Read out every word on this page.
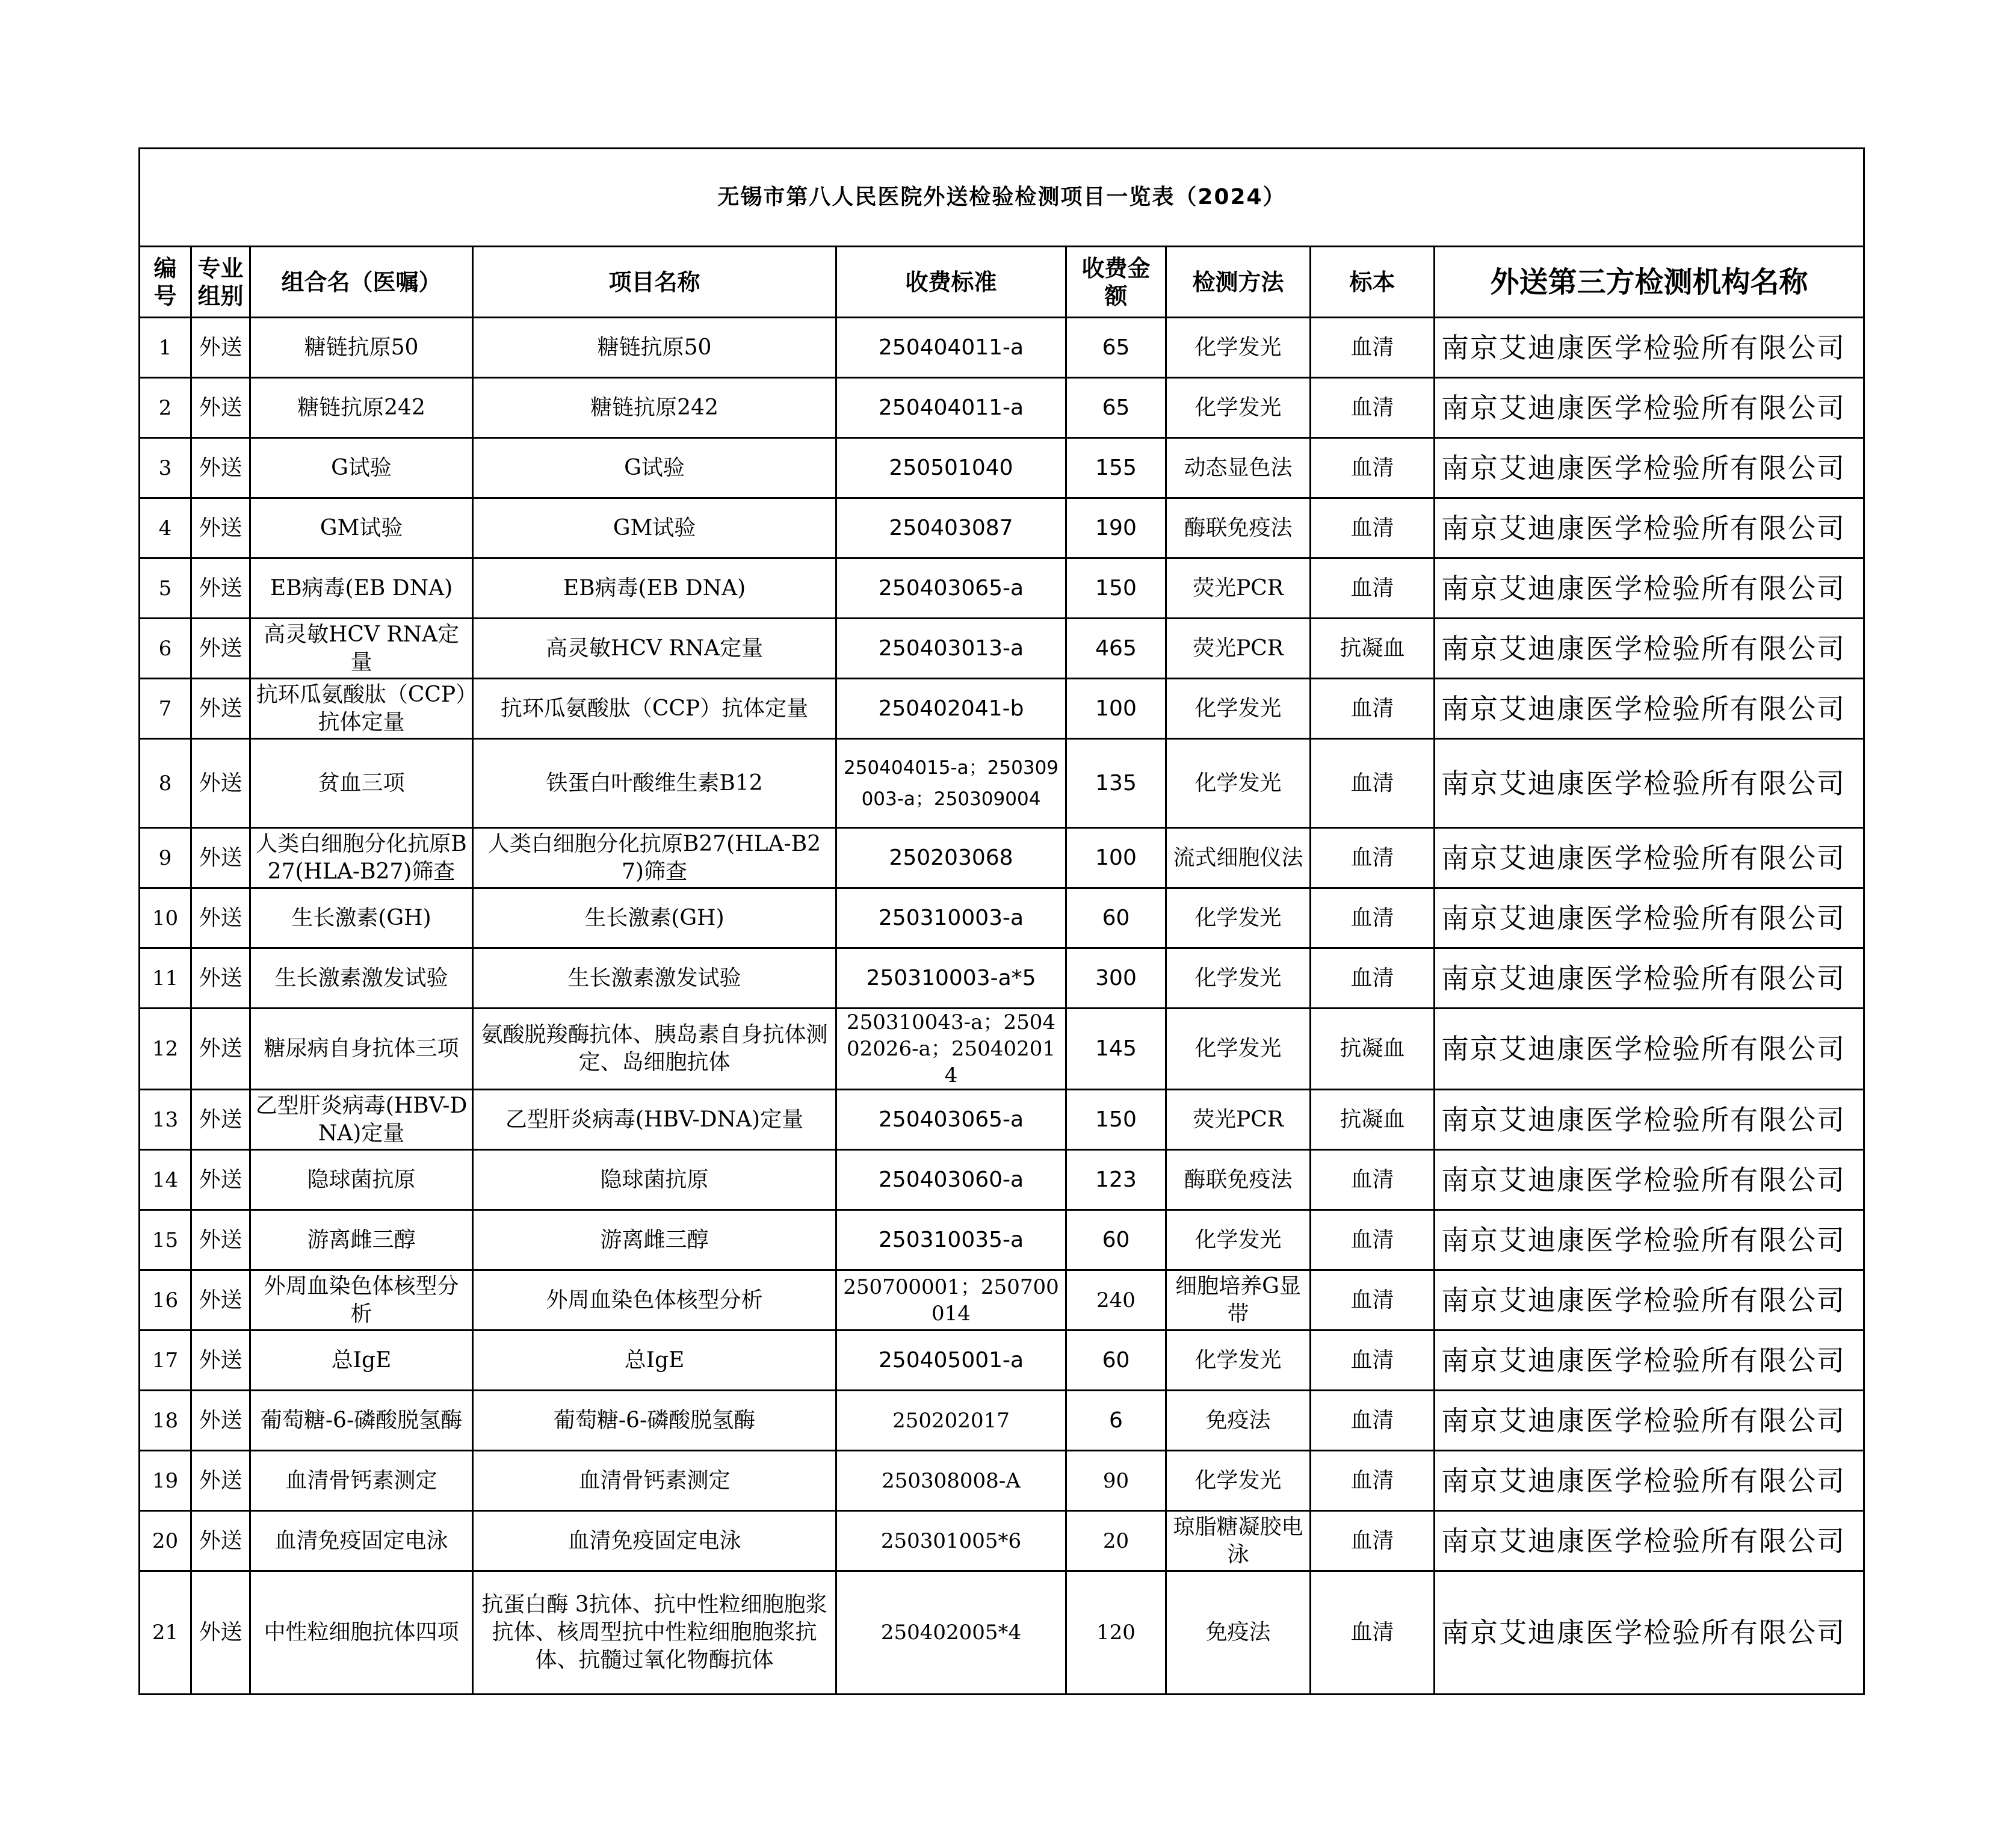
无锡市第八人民医院外送检验检测项目一览表（2024）								
编号	专业组别	组合名（医嘱）	项目名称	收费标准	收费金额	检测方法	标本	外送第三方检测机构名称
1	外送	糖链抗原50	糖链抗原50	250404011-a	65	化学发光	血清	南京艾迪康医学检验所有限公司
2	外送	糖链抗原242	糖链抗原242	250404011-a	65	化学发光	血清	南京艾迪康医学检验所有限公司
3	外送	G试验	G试验	250501040	155	动态显色法	血清	南京艾迪康医学检验所有限公司
4	外送	GM试验	GM试验	250403087	190	酶联免疫法	血清	南京艾迪康医学检验所有限公司
5	外送	EB病毒(EB DNA)	EB病毒(EB DNA)	250403065-a	150	荧光PCR	血清	南京艾迪康医学检验所有限公司
6	外送	高灵敏HCV RNA定量	高灵敏HCV RNA定量	250403013-a	465	荧光PCR	抗凝血	南京艾迪康医学检验所有限公司
7	外送	抗环瓜氨酸肽（CCP）抗体定量	抗环瓜氨酸肽（CCP）抗体定量	250402041-b	100	化学发光	血清	南京艾迪康医学检验所有限公司
8	外送	贫血三项	铁蛋白叶酸维生素B12	250404015-a；250309003-a；250309004	135	化学发光	血清	南京艾迪康医学检验所有限公司
9	外送	人类白细胞分化抗原B27(HLA-B27)筛查	人类白细胞分化抗原B27(HLA-B27)筛查	250203068	100	流式细胞仪法	血清	南京艾迪康医学检验所有限公司
10	外送	生长激素(GH)	生长激素(GH)	250310003-a	60	化学发光	血清	南京艾迪康医学检验所有限公司
11	外送	生长激素激发试验	生长激素激发试验	250310003-a*5	300	化学发光	血清	南京艾迪康医学检验所有限公司
12	外送	糖尿病自身抗体三项	氨酸脱羧酶抗体、胰岛素自身抗体测定、岛细胞抗体	250310043-a；250402026-a；250402014	145	化学发光	抗凝血	南京艾迪康医学检验所有限公司
13	外送	乙型肝炎病毒(HBV-DNA)定量	乙型肝炎病毒(HBV-DNA)定量	250403065-a	150	荧光PCR	抗凝血	南京艾迪康医学检验所有限公司
14	外送	隐球菌抗原	隐球菌抗原	250403060-a	123	酶联免疫法	血清	南京艾迪康医学检验所有限公司
15	外送	游离雌三醇	游离雌三醇	250310035-a	60	化学发光	血清	南京艾迪康医学检验所有限公司
16	外送	外周血染色体核型分析	外周血染色体核型分析	250700001；250700014	240	细胞培养G显带	血清	南京艾迪康医学检验所有限公司
17	外送	总IgE	总IgE	250405001-a	60	化学发光	血清	南京艾迪康医学检验所有限公司
18	外送	葡萄糖-6-磷酸脱氢酶	葡萄糖-6-磷酸脱氢酶	250202017	6	免疫法	血清	南京艾迪康医学检验所有限公司
19	外送	血清骨钙素测定	血清骨钙素测定	250308008-A	90	化学发光	血清	南京艾迪康医学检验所有限公司
20	外送	血清免疫固定电泳	血清免疫固定电泳	250301005*6	20	琼脂糖凝胶电泳	血清	南京艾迪康医学检验所有限公司
21	外送	中性粒细胞抗体四项	抗蛋白酶 3抗体、抗中性粒细胞胞浆抗体、核周型抗中性粒细胞胞浆抗体、抗髓过氧化物酶抗体	250402005*4	120	免疫法	血清	南京艾迪康医学检验所有限公司
